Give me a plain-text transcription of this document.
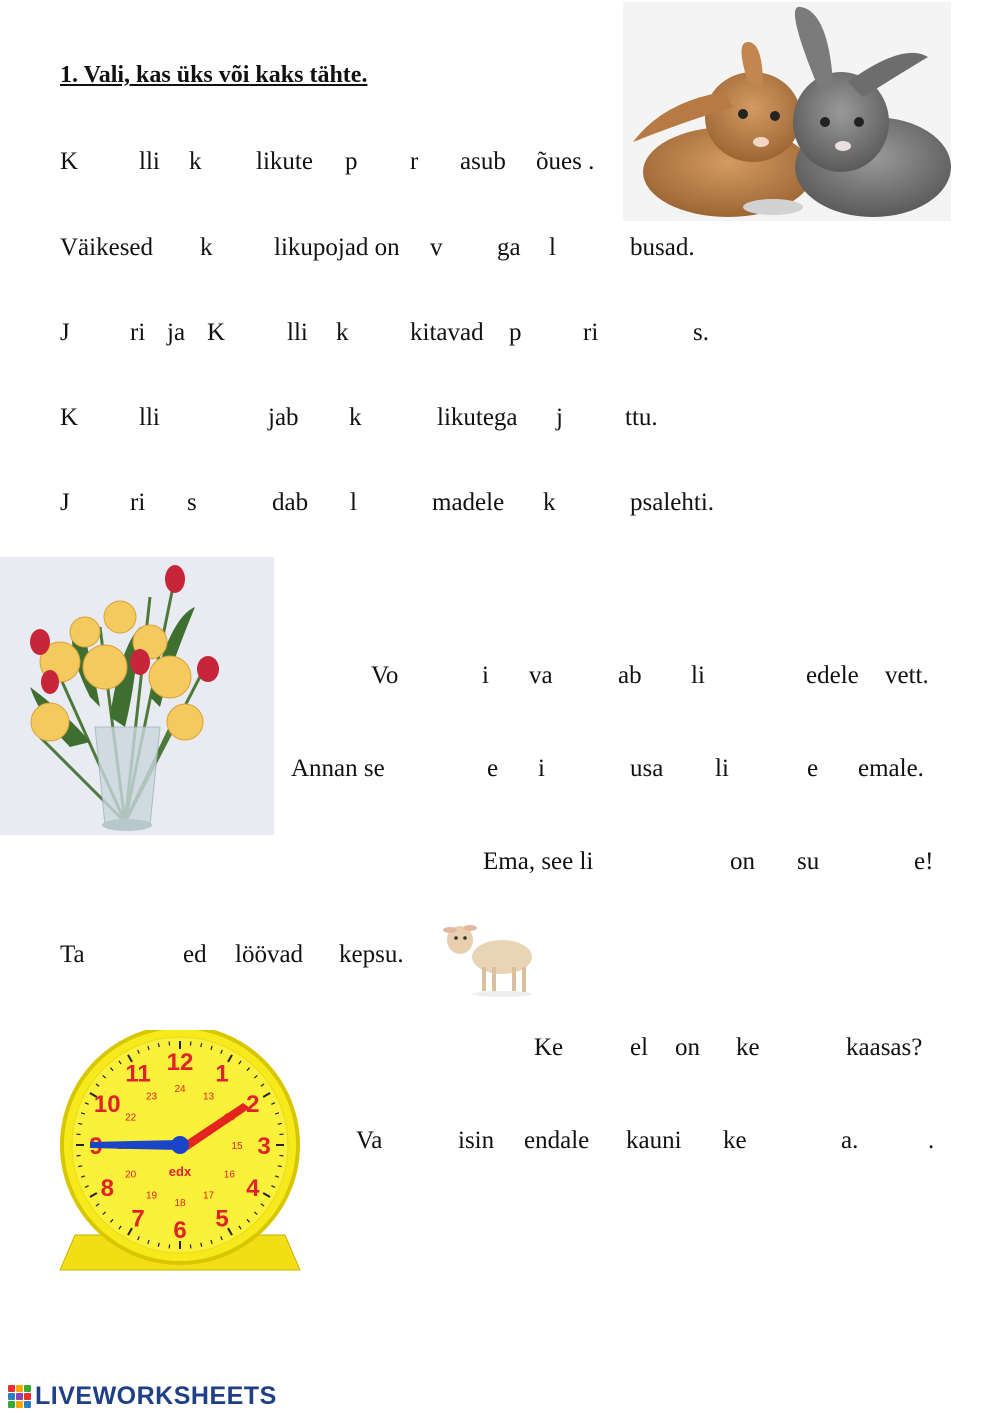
1. Vali, kas üks või kaks tähte.
K lli k likute p r asub õues .
Väikesed k likupojad on v ga l	busad.
J ri ja K lli k kitavad p ri	s.
K lli	jab k	likutega j ttu.
J ri s	dab l	madele k	psalehti.
Vo	i va	ab li	edele vett.
Annan se	e i	usa li	e emale.
Ema, see li	on su	e!
Ta	ed löövad kepsu.
Ke	el on ke	kaasas?
Va	isin endale kauni ke	a.	.
12 1
2
3
4
5
6
7
8
10
11
24
13
15
16
17
18
19
20
22
23
edx
LIVEWORKSHEETS
